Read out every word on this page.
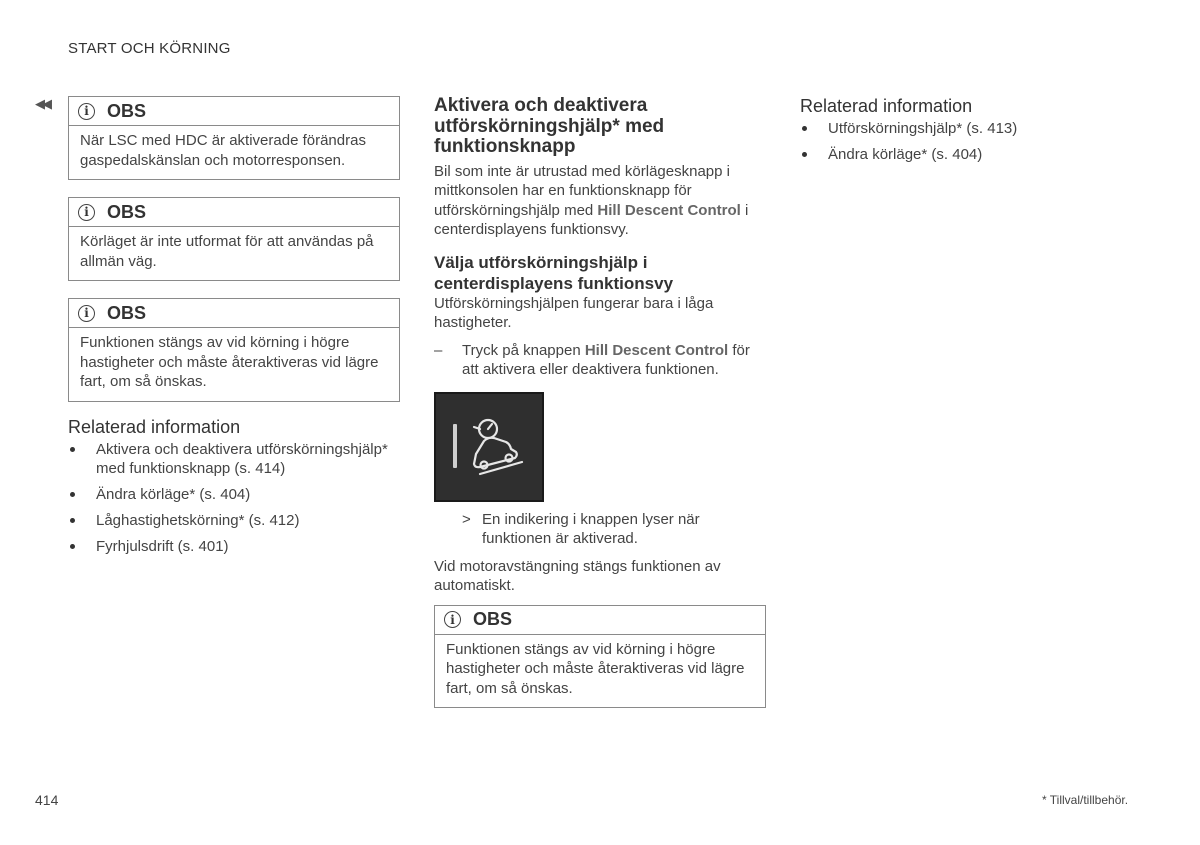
START OCH KÖRNING
◀◀	i	OBS
När LSC med HDC är aktiverade förändras gaspedalskänslan och motorresponsen.
i	OBS
Körläget är inte utformat för att användas på allmän väg.
i	OBS
Funktionen stängs av vid körning i högre hastigheter och måste återaktiveras vid lägre fart, om så önskas.
Relaterad information
Aktivera och deaktivera utförskörningshjälp* med funktionsknapp (s. 414)
Ändra körläge* (s. 404)
Låghastighetskörning* (s. 412)
Fyrhjulsdrift (s. 401)
Aktivera och deaktivera utförskörningshjälp* med funktionsknapp

Bil som inte är utrustad med körlägesknapp i mittkonsolen har en funktionsknapp för utförskörningshjälp med Hill Descent Control i centerdisplayens funktionsvy.

Välja utförskörningshjälp i centerdisplayens funktionsvy

Utförskörningshjälpen fungerar bara i låga hastigheter.

– Tryck på knappen Hill Descent Control för att aktivera eller deaktivera funktionen.
> En indikering i knappen lyser när funktionen är aktiverad.

Vid motoravstängning stängs funktionen av automatiskt.

i	OBS
Funktionen stängs av vid körning i högre hastigheter och måste återaktiveras vid lägre fart, om så önskas.
Relaterad information
Utförskörningshjälp* (s. 413)
Ändra körläge* (s. 404)
414	* Tillval/tillbehör.
